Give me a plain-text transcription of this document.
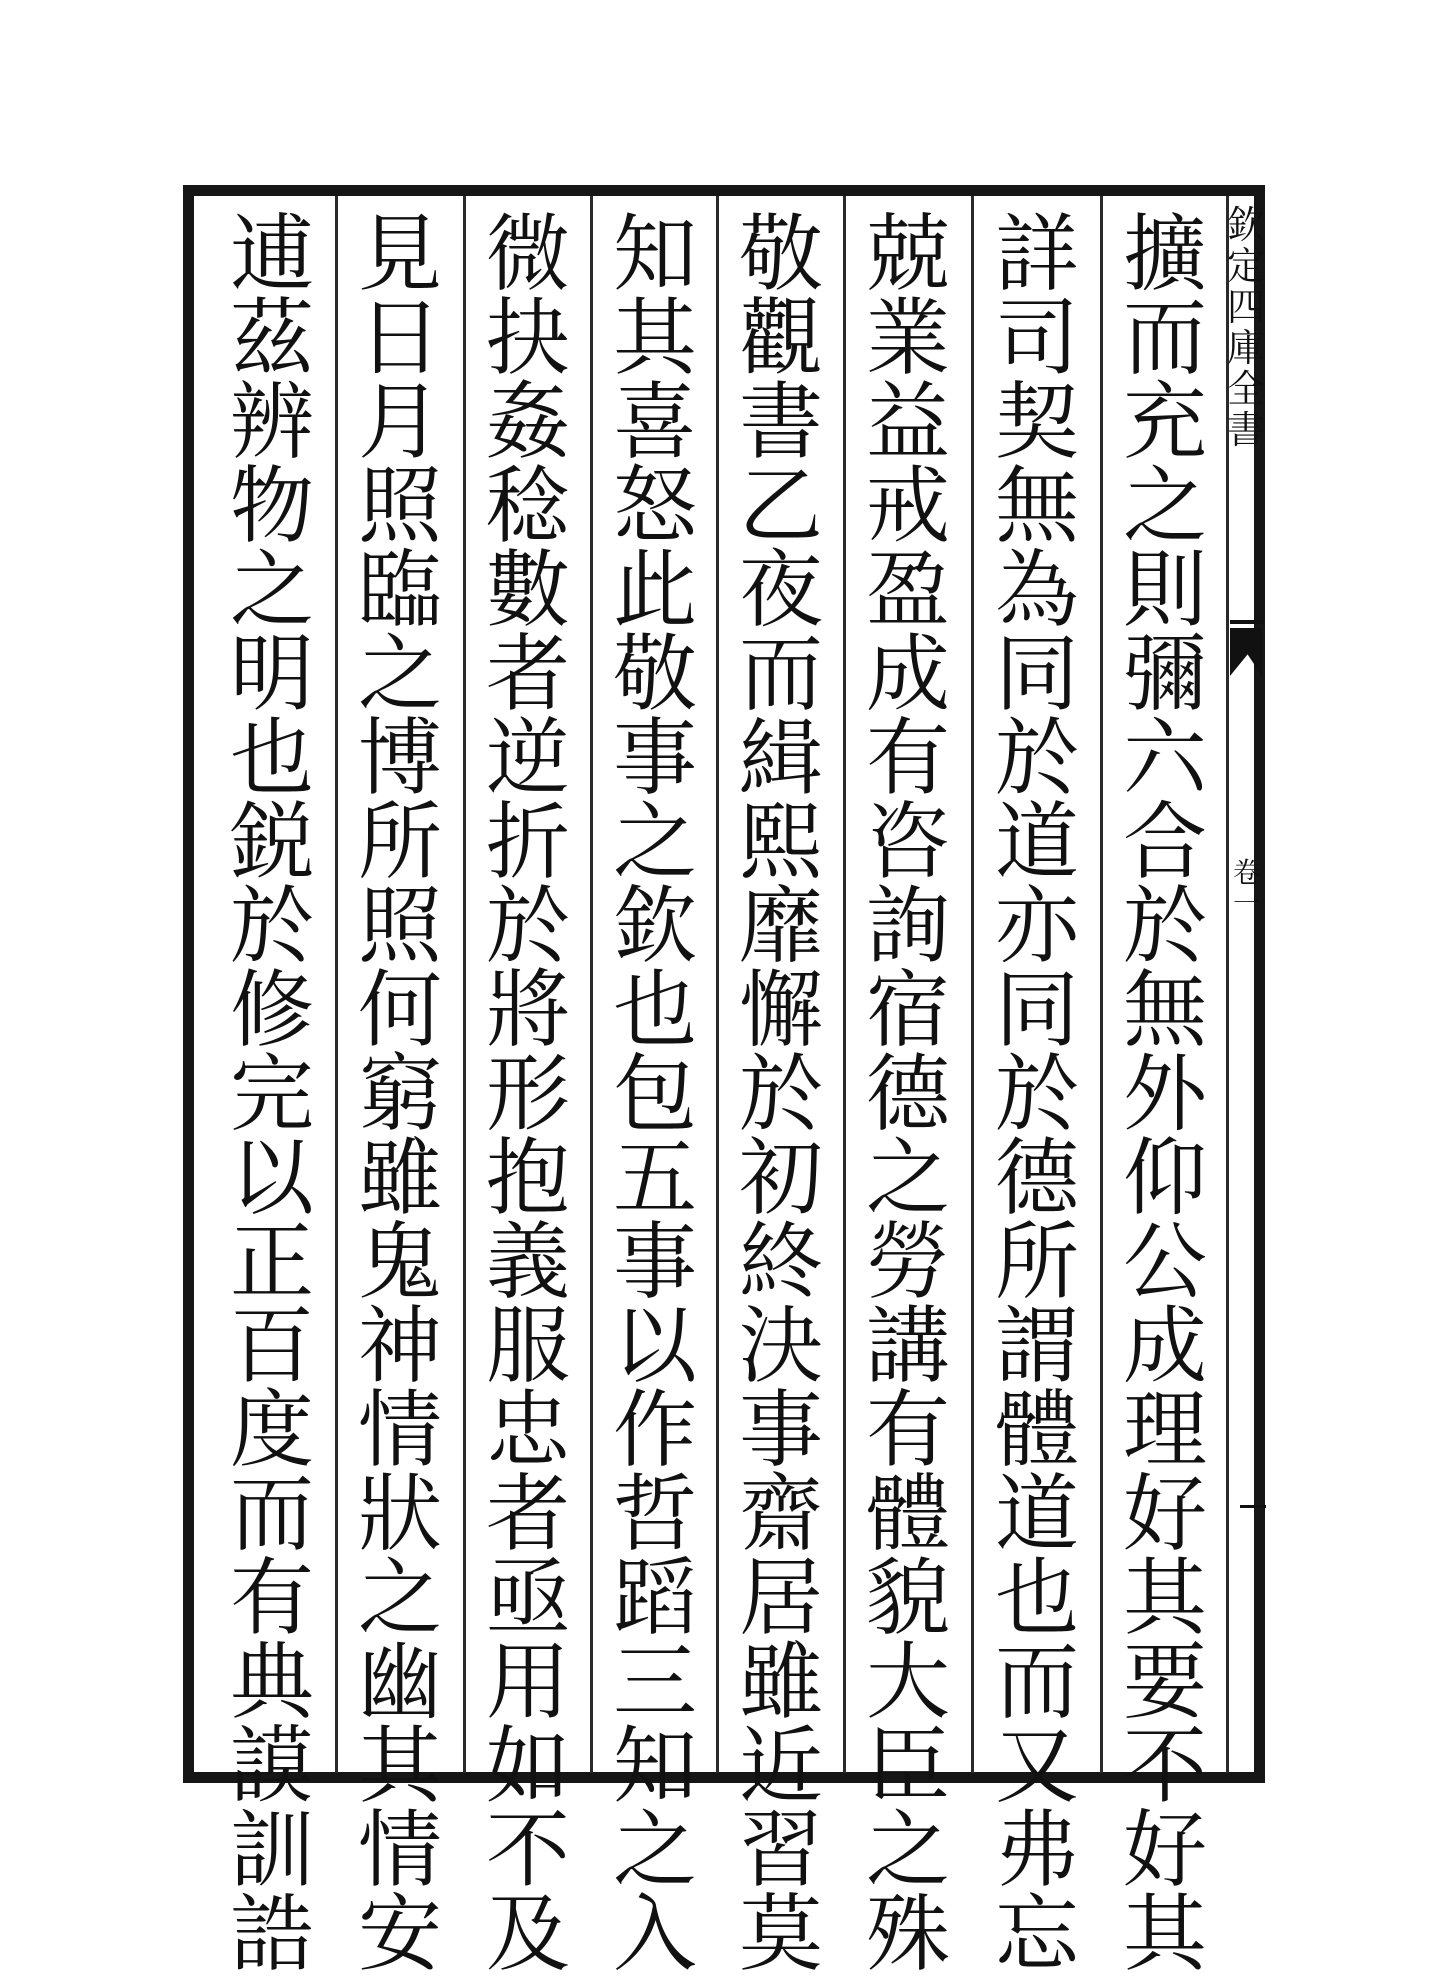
欽
定
四
庫
全
書
卷
一
擴
而
充
之
則
彌
六
合
於
無
外
仰
公
成
理
好
其
要
不
好
其
詳
司
契
無
為
同
於
道
亦
同
於
德
所
謂
體
道
也
而
又
弗
忘
兢
業
益
戒
盈
成
有
咨
詢
宿
德
之
勞
講
有
體
貌
大
臣
之
殊
敬
觀
書
乙
夜
而
緝
熙
靡
懈
於
初
終
決
事
齋
居
雖
近
習
莫
知
其
喜
怒
此
敬
事
之
欽
也
包
五
事
以
作
哲
蹈
三
知
之
入
微
抉
姦
稔
數
者
逆
折
於
將
形
抱
義
服
忠
者
亟
用
如
不
及
見
日
月
照
臨
之
博
所
照
何
窮
雖
鬼
神
情
狀
之
幽
其
情
安
逋
茲
辨
物
之
明
也
鋭
於
修
完
以
正
百
度
而
有
典
謨
訓
誥
